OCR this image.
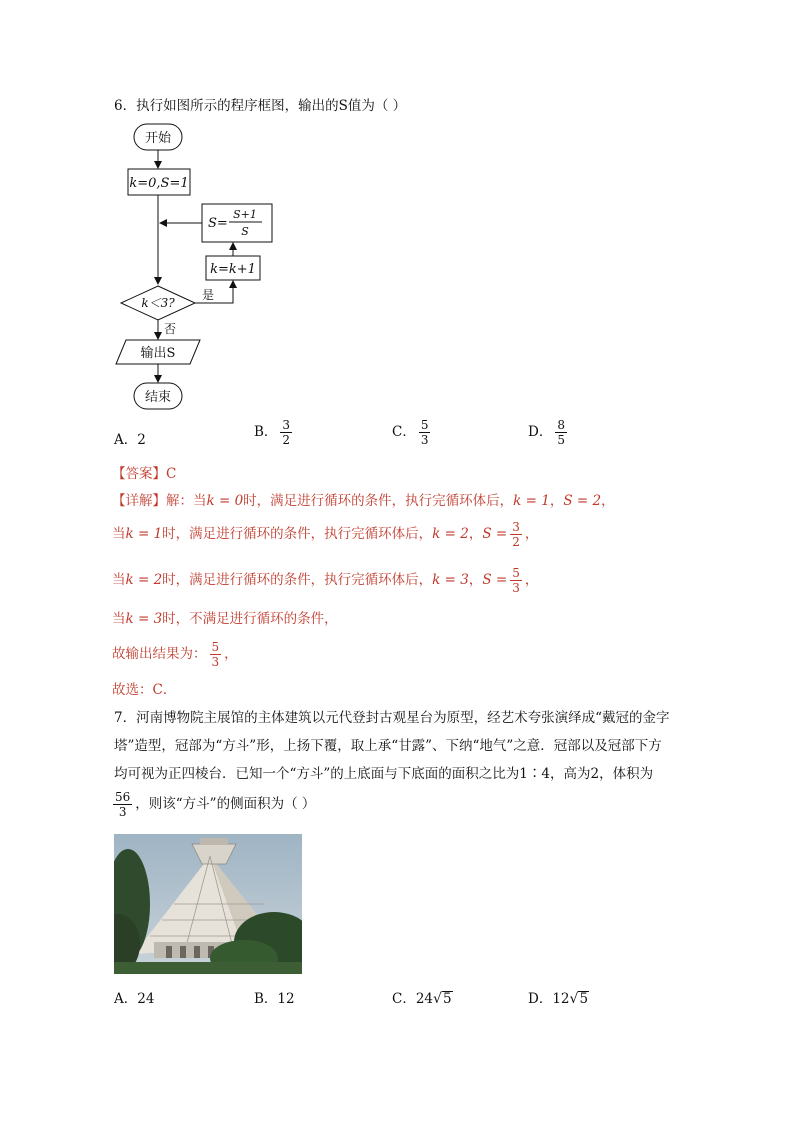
6．执行如图所示的程序框图，输出的S值为（ ）
开始
k=0,S=1
S=
S+1
S
k=k+1
k＜3?
是
否
输出S
结束
A．2	B． $\frac{3}{2}$	C． $\frac{5}{3}$	D． $\frac{8}{5}$
【答案】C
【详解】解：当k = 0时，满足进行循环的条件，执行完循环体后，k = 1，S = 2，
当k = 1时，满足进行循环的条件，执行完循环体后，k = 2，$S = \frac{3}{2}$ ，
当k = 2时，满足进行循环的条件，执行完循环体后，k = 3，$S = \frac{5}{3}$ ，
当k = 3时，不满足进行循环的条件，
故输出结果为： $\frac{5}{3}$ ，
故选：C．
7．河南博物院主展馆的主体建筑以元代登封古观星台为原型，经艺术夸张演绎成“戴冠的金字
塔”造型，冠部为“方斗”形，上扬下覆，取上承“甘露”、下纳“地气”之意．冠部以及冠部下方
均可视为正四棱台．已知一个“方斗”的上底面与下底面的面积之比为1∶4，高为2，体积为
$\frac{56}{3}$ ，则该“方斗”的侧面积为（ ）
A．24	B．12	C．24√5	D．12√5
